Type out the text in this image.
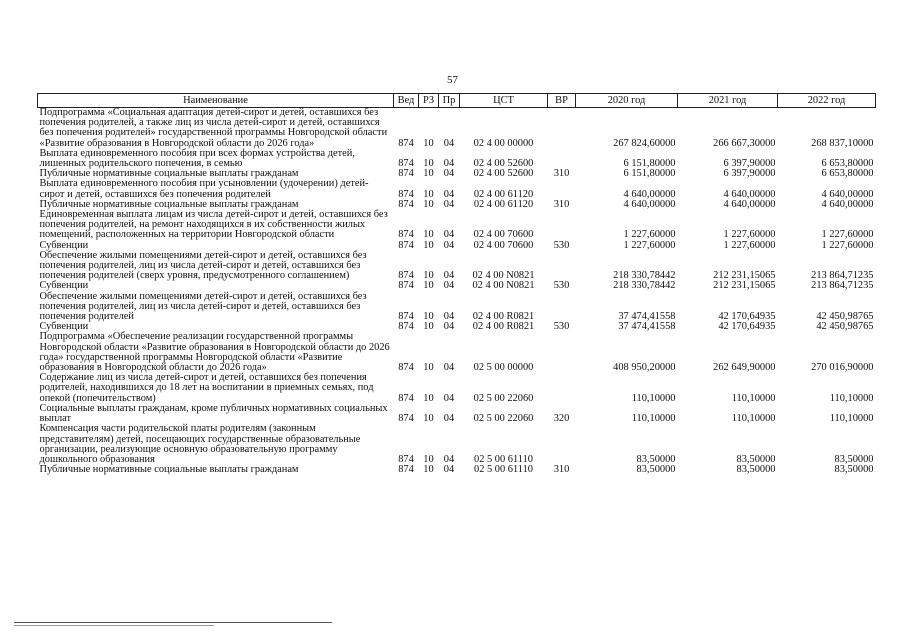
57
Наименование	Вед	РЗ	Пр	ЦСТ	ВР	2020 год	2021 год	2022 год
Подпрограмма «Социальная адаптация детей-сирот и детей, оставшихся без попечения родителей, а также лиц из числа детей-сирот и детей, оставшихся без попечения родителей» государственной программы Новгородской области «Развитие образования в Новгородской области до 2026 года»	874	10	04	02 4 00 00000		267 824,60000	266 667,30000	268 837,10000
Выплата единовременного пособия при всех формах устройства детей, лишенных родительского попечения, в семью	874	10	04	02 4 00 52600		6 151,80000	6 397,90000	6 653,80000
Публичные нормативные социальные выплаты гражданам	874	10	04	02 4 00 52600	310	6 151,80000	6 397,90000	6 653,80000
Выплата единовременного пособия при усыновлении (удочерении) детей-сирот и детей, оставшихся без попечения родителей	874	10	04	02 4 00 61120		4 640,00000	4 640,00000	4 640,00000
Публичные нормативные социальные выплаты гражданам	874	10	04	02 4 00 61120	310	4 640,00000	4 640,00000	4 640,00000
Единовременная выплата лицам из числа детей-сирот и детей, оставшихся без попечения родителей, на ремонт находящихся в их собственности жилых помещений, расположенных на территории Новгородской области	874	10	04	02 4 00 70600		1 227,60000	1 227,60000	1 227,60000
Субвенции	874	10	04	02 4 00 70600	530	1 227,60000	1 227,60000	1 227,60000
Обеспечение жилыми помещениями детей-сирот и детей, оставшихся без попечения родителей, лиц из числа детей-сирот и детей, оставшихся без попечения родителей (сверх уровня, предусмотренного соглашением)	874	10	04	02 4 00 N0821		218 330,78442	212 231,15065	213 864,71235
Субвенции	874	10	04	02 4 00 N0821	530	218 330,78442	212 231,15065	213 864,71235
Обеспечение жилыми помещениями детей-сирот и детей, оставшихся без попечения родителей, лиц из числа детей-сирот и детей, оставшихся без попечения родителей	874	10	04	02 4 00 R0821		37 474,41558	42 170,64935	42 450,98765
Субвенции	874	10	04	02 4 00 R0821	530	37 474,41558	42 170,64935	42 450,98765
Подпрограмма «Обеспечение реализации государственной программы Новгородской области «Развитие образования в Новгородской области до 2026 года» государственной программы Новгородской области «Развитие образования в Новгородской области до 2026 года»	874	10	04	02 5 00 00000		408 950,20000	262 649,90000	270 016,90000
Содержание лиц из числа детей-сирот и детей, оставшихся без попечения родителей, находившихся до 18 лет на воспитании в приемных семьях, под опекой (попечительством)	874	10	04	02 5 00 22060		110,10000	110,10000	110,10000
Социальные выплаты гражданам, кроме публичных нормативных социальных выплат	874	10	04	02 5 00 22060	320	110,10000	110,10000	110,10000
Компенсация части родительской платы родителям (законным представителям) детей, посещающих государственные образовательные организации, реализующие основную образовательную программу дошкольного образования	874	10	04	02 5 00 61110		83,50000	83,50000	83,50000
Публичные нормативные социальные выплаты гражданам	874	10	04	02 5 00 61110	310	83,50000	83,50000	83,50000
